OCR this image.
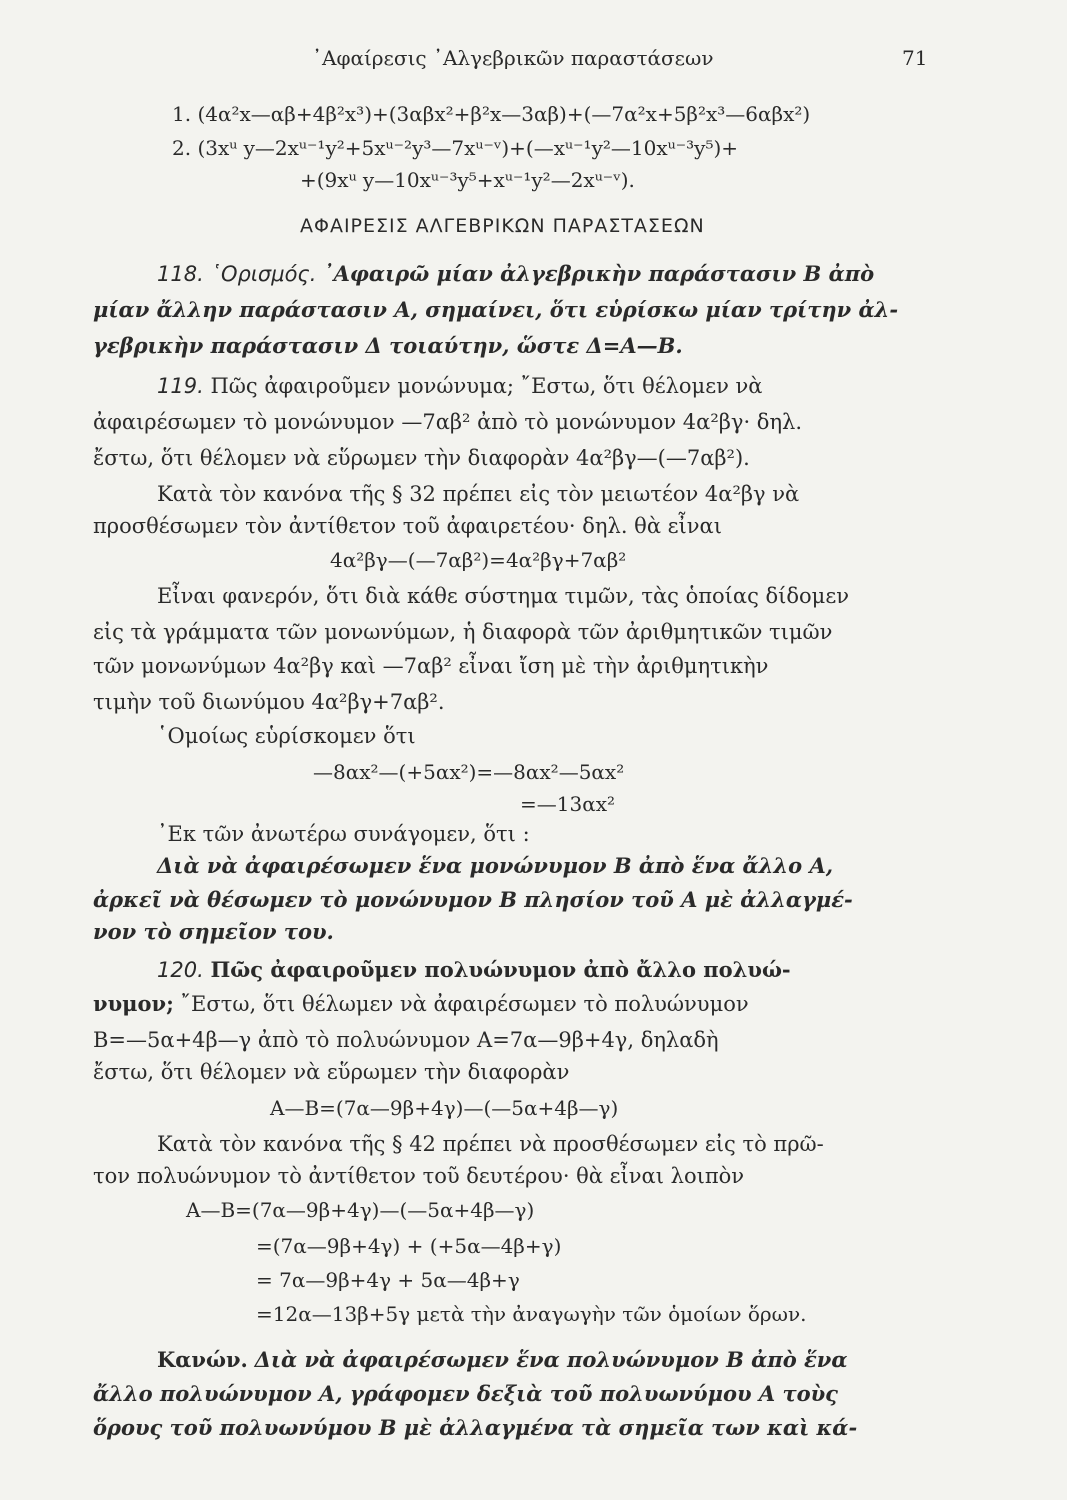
᾿Αφαίρεσις ᾿Αλγεβρικῶν παραστάσεων	71
1. (4α²x—αβ+4β²x³)+(3αβx²+β²x—3αβ)+(—7α²x+5β²x³—6αβx²)
2. (3xᵘ y—2xᵘ⁻¹y²+5xᵘ⁻²y³—7xᵘ⁻ᵛ)+(—xᵘ⁻¹y²—10xᵘ⁻³y⁵)+
+(9xᵘ y—10xᵘ⁻³y⁵+xᵘ⁻¹y²—2xᵘ⁻ᵛ).
ΑΦΑΙΡΕΣΙΣ ΑΛΓΕΒΡΙΚΩΝ ΠΑΡΑΣΤΑΣΕΩΝ
118. ῾Ορισμός. ᾿Αφαιρῶ μίαν ἀλγεβρικὴν παράστασιν Β ἀπὸ
μίαν ἄλλην παράστασιν Α, σημαίνει, ὅτι εὑρίσκω μίαν τρίτην ἀλ-
γεβρικὴν παράστασιν Δ τοιαύτην, ὥστε Δ=Α—Β.
119. Πῶς ἀφαιροῦμεν μονώνυμα; ῎Εστω, ὅτι θέλομεν νὰ
ἀφαιρέσωμεν τὸ μονώνυμον —7αβ² ἀπὸ τὸ μονώνυμον 4α²βγ· δηλ.
ἔστω, ὅτι θέλομεν νὰ εὕρωμεν τὴν διαφορὰν 4α²βγ—(—7αβ²).
Κατὰ τὸν κανόνα τῆς § 32 πρέπει εἰς τὸν μειωτέον 4α²βγ νὰ
προσθέσωμεν τὸν ἀντίθετον τοῦ ἀφαιρετέου· δηλ. θὰ εἶναι
4α²βγ—(—7αβ²)=4α²βγ+7αβ²
Εἶναι φανερόν, ὅτι διὰ κάθε σύστημα τιμῶν, τὰς ὁποίας δίδομεν
εἰς τὰ γράμματα τῶν μονωνύμων, ἡ διαφορὰ τῶν ἀριθμητικῶν τιμῶν
τῶν μονωνύμων 4α²βγ καὶ —7αβ² εἶναι ἴση μὲ τὴν ἀριθμητικὴν
τιμὴν τοῦ διωνύμου 4α²βγ+7αβ².
῾Ομοίως εὑρίσκομεν ὅτι
—8αx²—(+5αx²)=—8αx²—5αx²
=—13αx²
᾿Εκ τῶν ἀνωτέρω συνάγομεν, ὅτι :
Διὰ νὰ ἀφαιρέσωμεν ἕνα μονώνυμον Β ἀπὸ ἕνα ἄλλο Α,
ἀρκεῖ νὰ θέσωμεν τὸ μονώνυμον Β πλησίον τοῦ Α μὲ ἀλλαγμέ-
νον τὸ σημεῖον του.
120. Πῶς ἀφαιροῦμεν πολυώνυμον ἀπὸ ἄλλο πολυώ-
νυμον; ῎Εστω, ὅτι θέλωμεν νὰ ἀφαιρέσωμεν τὸ πολυώνυμον
Β=—5α+4β—γ ἀπὸ τὸ πολυώνυμον Α=7α—9β+4γ, δηλαδὴ
ἔστω, ὅτι θέλομεν νὰ εὕρωμεν τὴν διαφορὰν
Α—Β=(7α—9β+4γ)—(—5α+4β—γ)
Κατὰ τὸν κανόνα τῆς § 42 πρέπει νὰ προσθέσωμεν εἰς τὸ πρῶ-
τον πολυώνυμον τὸ ἀντίθετον τοῦ δευτέρου· θὰ εἶναι λοιπὸν
Α—Β=(7α—9β+4γ)—(—5α+4β—γ)
=(7α—9β+4γ) + (+5α—4β+γ)
= 7α—9β+4γ + 5α—4β+γ
=12α—13β+5γ μετὰ τὴν ἀναγωγὴν τῶν ὁμοίων ὅρων.
Κανών. Διὰ νὰ ἀφαιρέσωμεν ἕνα πολυώνυμον Β ἀπὸ ἕνα
ἄλλο πολυώνυμον Α, γράφομεν δεξιὰ τοῦ πολυωνύμου Α τοὺς
ὅρους τοῦ πολυωνύμου Β μὲ ἀλλαγμένα τὰ σημεῖα των καὶ κά-
